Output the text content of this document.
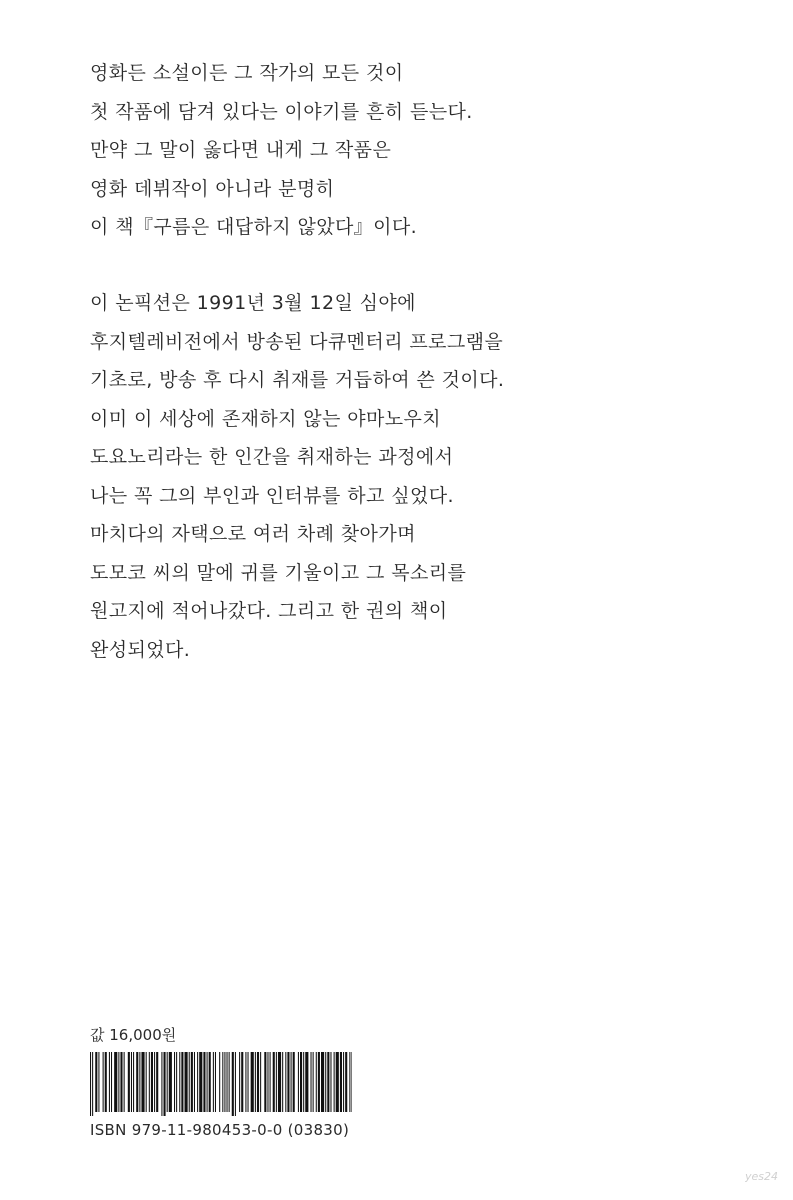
영화든 소설이든 그 작가의 모든 것이
첫 작품에 담겨 있다는 이야기를 흔히 듣는다.
만약 그 말이 옳다면 내게 그 작품은
영화 데뷔작이 아니라 분명히
이 책『구름은 대답하지 않았다』이다.
이 논픽션은 1991년 3월 12일 심야에
후지텔레비전에서 방송된 다큐멘터리 프로그램을
기초로, 방송 후 다시 취재를 거듭하여 쓴 것이다.
이미 이 세상에 존재하지 않는 야마노우치
도요노리라는 한 인간을 취재하는 과정에서
나는 꼭 그의 부인과 인터뷰를 하고 싶었다.
마치다의 자택으로 여러 차례 찾아가며
도모코 씨의 말에 귀를 기울이고 그 목소리를
원고지에 적어나갔다. 그리고 한 권의 책이
완성되었다.
값 16,000원
ISBN 979-11-980453-0-0 (03830)
yes24
